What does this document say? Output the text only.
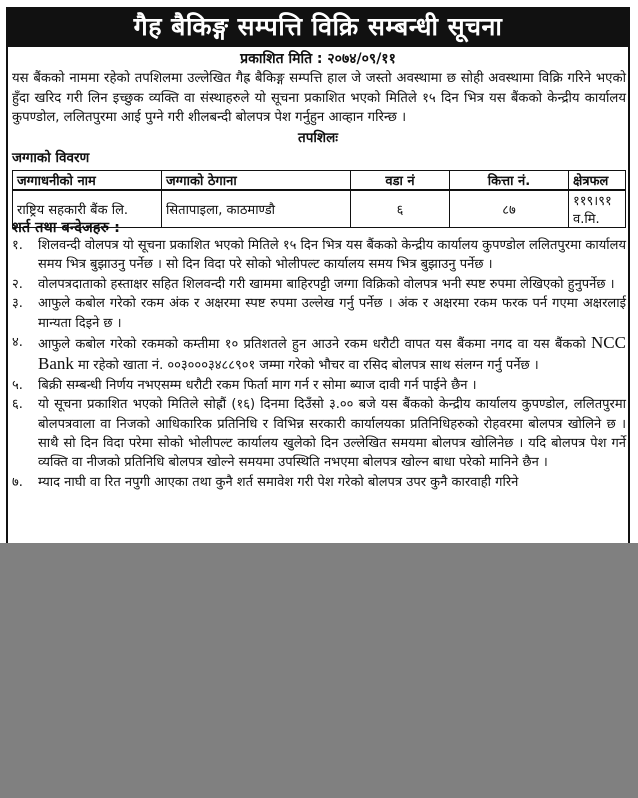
गैह बैकिङ्ग सम्पत्ति विक्रि सम्बन्धी सूचना
प्रकाशित मिति : २०७४/०९/११
यस बैंकको नाममा रहेको तपशिलमा उल्लेखित गैह्र बैकिङ्ग सम्पत्ति हाल जे जस्तो अवस्थामा छ सोही अवस्थामा विक्रि गरिने भएको हुँदा खरिद गरी लिन इच्छुक व्यक्ति वा संस्थाहरुले यो सूचना प्रकाशित भएको मितिले १५ दिन भित्र यस बैंकको केन्द्रीय कार्यालय कुपण्डोल, ललितपुरमा आई पुग्ने गरी शीलबन्दी बोलपत्र पेश गर्नुहुन आव्हान गरिन्छ ।
तपशिलः
जग्गाको विवरण
जग्गाधनीको नाम	जग्गाको ठेगाना	वडा नं	कित्ता नं.	क्षेत्रफल
राष्ट्रिय सहकारी बैंक लि.	सितापाइला, काठमाण्डौ	६	८७	११९।९१ व.मि.
शर्त तथा बन्देजहरु :
१.	शिलवन्दी वोलपत्र यो सूचना प्रकाशित भएको मितिले १५ दिन भित्र यस बैंकको केन्द्रीय कार्यालय कुपण्डोल ललितपुरमा कार्यालय समय भित्र बुझाउनु पर्नेछ । सो दिन विदा परे सोको भोलीपल्ट कार्यालय समय भित्र बुझाउनु पर्नेछ ।
२.	वोलपत्रदाताको हस्ताक्षर सहित शिलवन्दी गरी खाममा बाहिरपट्टी जग्गा विक्रिको वोलपत्र भनी स्पष्ट रुपमा लेखिएको हुनुपर्नेछ ।
३.	आफुले कबोल गरेको रकम अंक र अक्षरमा स्पष्ट रुपमा उल्लेख गर्नु पर्नेछ । अंक र अक्षरमा रकम फरक पर्न गएमा अक्षरलाई मान्यता दिइने छ ।
४.	आफुले कबोल गरेको रकमको कम्तीमा १० प्रतिशतले हुन आउने रकम धरौटी वापत यस बैंकमा नगद वा यस बैंकको NCC Bank मा रहेको खाता नं. ००३०००३४८८९०१ जम्मा गरेको भौचर वा रसिद बोलपत्र साथ संलग्न गर्नु पर्नेछ ।
५.	बिक्री सम्बन्धी निर्णय नभएसम्म धरौटी रकम फिर्ता माग गर्न र सोमा ब्याज दावी गर्न पाईने छैन ।
६.	यो सूचना प्रकाशित भएको मितिले सोह्रौं (१६) दिनमा दिउँसो ३.०० बजे यस बैंकको केन्द्रीय कार्यालय कुपण्डोल, ललितपुरमा बोलपत्रवाला वा निजको आधिकारिक प्रतिनिधि र विभिन्न सरकारी कार्यालयका प्रतिनिधिहरुको रोहवरमा बोलपत्र खोलिने छ । साथै सो दिन विदा परेमा सोको भोलीपल्ट कार्यालय खुलेको दिन उल्लेखित समयमा बोलपत्र खोलिनेछ । यदि बोलपत्र पेश गर्ने व्यक्ति वा नीजको प्रतिनिधि बोलपत्र खोल्ने समयमा उपस्थिति नभएमा बोलपत्र खोल्न बाधा परेको मानिने छैन ।
७.	म्याद नाघी वा रित नपुगी आएका तथा कुनै शर्त समावेश गरी पेश गरेको बोलपत्र उपर कुनै कारवाही गरिने
